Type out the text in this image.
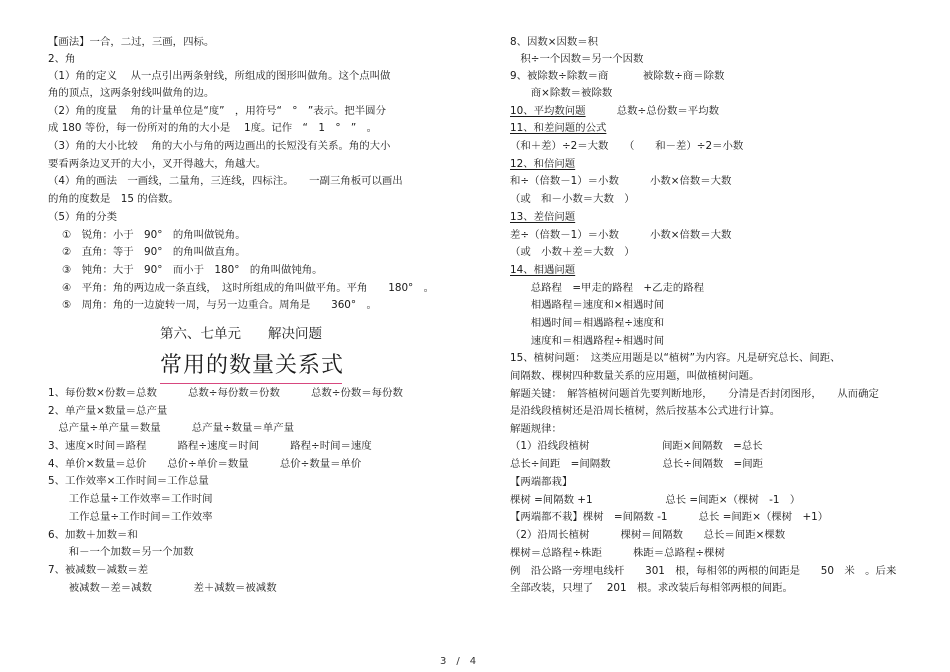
【画法】一合，二过，三画，四标。
2、角
（1）角的定义　 从一点引出两条射线，所组成的图形叫做角。这个点叫做
角的顶点，这两条射线叫做角的边。
（2）角的度量　 角的计量单位是“度”　，用符号“　°　”表示。把半圆分
成 180 等份，每一份所对的角的大小是　 1度。记作　“　1　°　”　。
（3）角的大小比较　 角的大小与角的两边画出的长短没有关系。角的大小
要看两条边叉开的大小，叉开得越大，角越大。
（4）角的画法　一画线，二量角，三连线，四标注。　　一副三角板可以画出
的角的度数是　15 的倍数。
（5）角的分类
①　锐角：小于　90°　的角叫做锐角。
②　直角：等于　90°　的角叫做直角。
③　钝角：大于　90°　而小于　180°　的角叫做钝角。
④　平角：角的两边成一条直线，　这时所组成的角叫做平角。平角　　180°　。
⑤　周角：角的一边旋转一周，与另一边重合。周角是　　360°　。
第六、七单元　　解决问题
常用的数量关系式
1、每份数×份数＝总数　　　总数÷每份数＝份数　　　总数÷份数＝每份数
2、单产量×数量＝总产量
　总产量÷单产量＝数量　　　总产量÷数量＝单产量
3、速度×时间＝路程　　　路程÷速度＝时间　　　路程÷时间＝速度
4、单价×数量＝总价　　总价÷单价＝数量　　　总价÷数量＝单价
5、工作效率×工作时间＝工作总量
　　工作总量÷工作效率＝工作时间
　　工作总量÷工作时间＝工作效率
6、加数＋加数＝和
　　和－一个加数＝另一个加数
7、被减数－减数＝差
　　被减数－差＝减数　　　　差＋减数＝被减数
8、因数×因数＝积
　积÷一个因数＝另一个因数
9、被除数÷除数＝商　　　 被除数÷商＝除数
　　商×除数＝被除数
10、平均数问题　　　总数÷总份数＝平均数
11、和差问题的公式
（和＋差）÷2＝大数　　（　　和－差）÷2＝小数
12、和倍问题
和÷（倍数－1）＝小数　　　小数×倍数＝大数
（或　和－小数＝大数　）
13、差倍问题
差÷（倍数－1）＝小数　　　小数×倍数＝大数
（或　小数＋差＝大数　）
14、相遇问题
　　总路程　=甲走的路程　+乙走的路程
　　相遇路程＝速度和×相遇时间
　　相遇时间＝相遇路程÷速度和
　　速度和＝相遇路程÷相遇时间
15、植树问题：　这类应用题是以“植树”为内容。凡是研究总长、间距、
间隔数、棵树四种数量关系的应用题，叫做植树问题。
解题关键：　解答植树问题首先要判断地形，　　分清是否封闭图形，　　从而确定
是沿线段植树还是沿周长植树，然后按基本公式进行计算。
解题规律：
（1）沿线段植树　　　　　　　间距×间隔数　=总长
总长÷间距　=间隔数　　　　　总长÷间隔数　=间距
【两端都栽】
棵树 =间隔数 +1　　　　　　　总长 =间距×（棵树　-1　）
【两端都不栽】棵树　=间隔数 -1　　　总长 =间距×（棵树　+1）
（2）沿周长植树　　　棵树＝间隔数　　总长＝间距×棵数
棵树＝总路程÷株距　　　株距＝总路程÷棵树
例　沿公路一旁埋电线杆　　301　根，每相邻的两根的间距是　　50　米　。后来
全部改装，只埋了　 201　根。求改装后每相邻两根的间距。
3　/　4
